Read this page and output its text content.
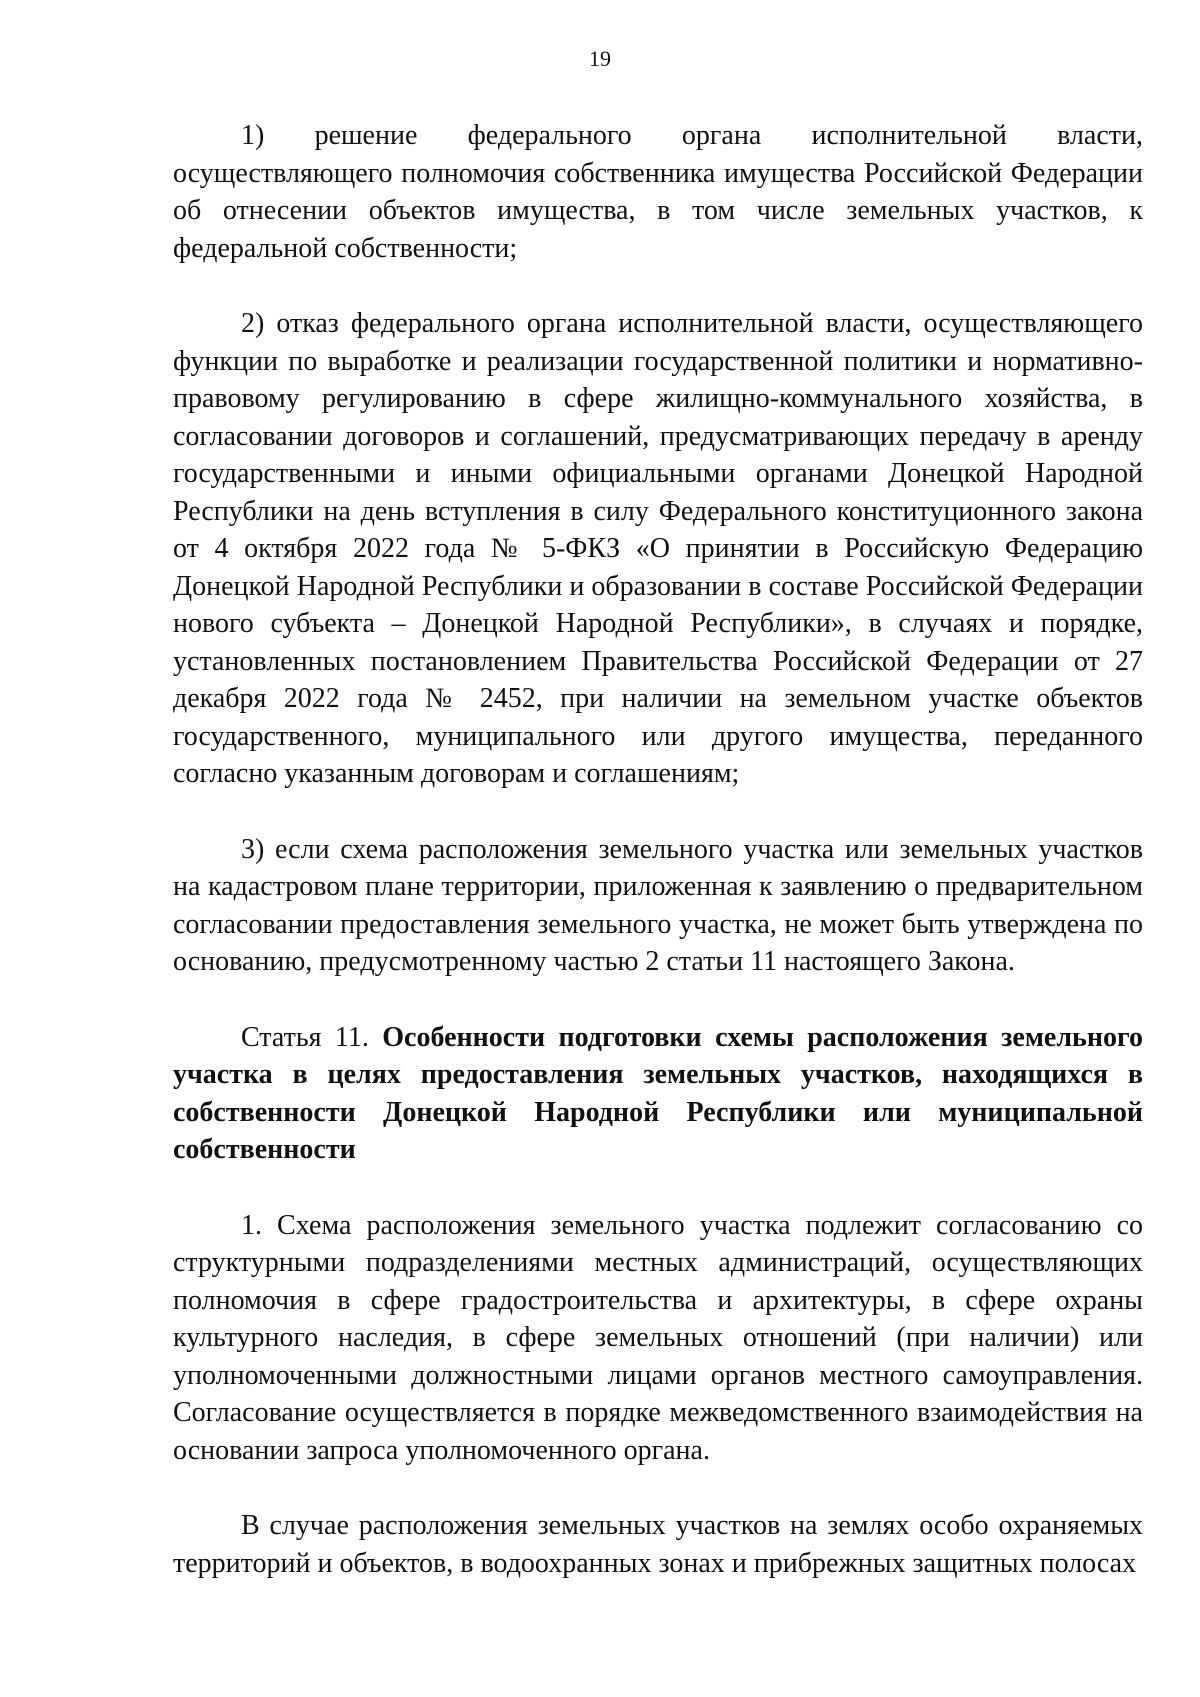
19

1) решение федерального органа исполнительной власти, осуществляющего полномочия собственника имущества Российской Федерации об отнесении объектов имущества, в том числе земельных участков, к федеральной собственности;

2) отказ федерального органа исполнительной власти, осуществляющего функции по выработке и реализации государственной политики и нормативно-правовому регулированию в сфере жилищно-коммунального хозяйства, в согласовании договоров и соглашений, предусматривающих передачу в аренду государственными и иными официальными органами Донецкой Народной Республики на день вступления в силу Федерального конституционного закона от 4 октября 2022 года № 5-ФКЗ «О принятии в Российскую Федерацию Донецкой Народной Республики и образовании в составе Российской Федерации нового субъекта – Донецкой Народной Республики», в случаях и порядке, установленных постановлением Правительства Российской Федерации от 27 декабря 2022 года № 2452, при наличии на земельном участке объектов государственного, муниципального или другого имущества, переданного согласно указанным договорам и соглашениям;

3) если схема расположения земельного участка или земельных участков на кадастровом плане территории, приложенная к заявлению о предварительном согласовании предоставления земельного участка, не может быть утверждена по основанию, предусмотренному частью 2 статьи 11 настоящего Закона.

Статья 11. Особенности подготовки схемы расположения земельного участка в целях предоставления земельных участков, находящихся в собственности Донецкой Народной Республики или муниципальной собственности

1. Схема расположения земельного участка подлежит согласованию со структурными подразделениями местных администраций, осуществляющих полномочия в сфере градостроительства и архитектуры, в сфере охраны культурного наследия, в сфере земельных отношений (при наличии) или уполномоченными должностными лицами органов местного самоуправления. Согласование осуществляется в порядке межведомственного взаимодействия на основании запроса уполномоченного органа.

В случае расположения земельных участков на землях особо охраняемых территорий и объектов, в водоохранных зонах и прибрежных защитных полосах
